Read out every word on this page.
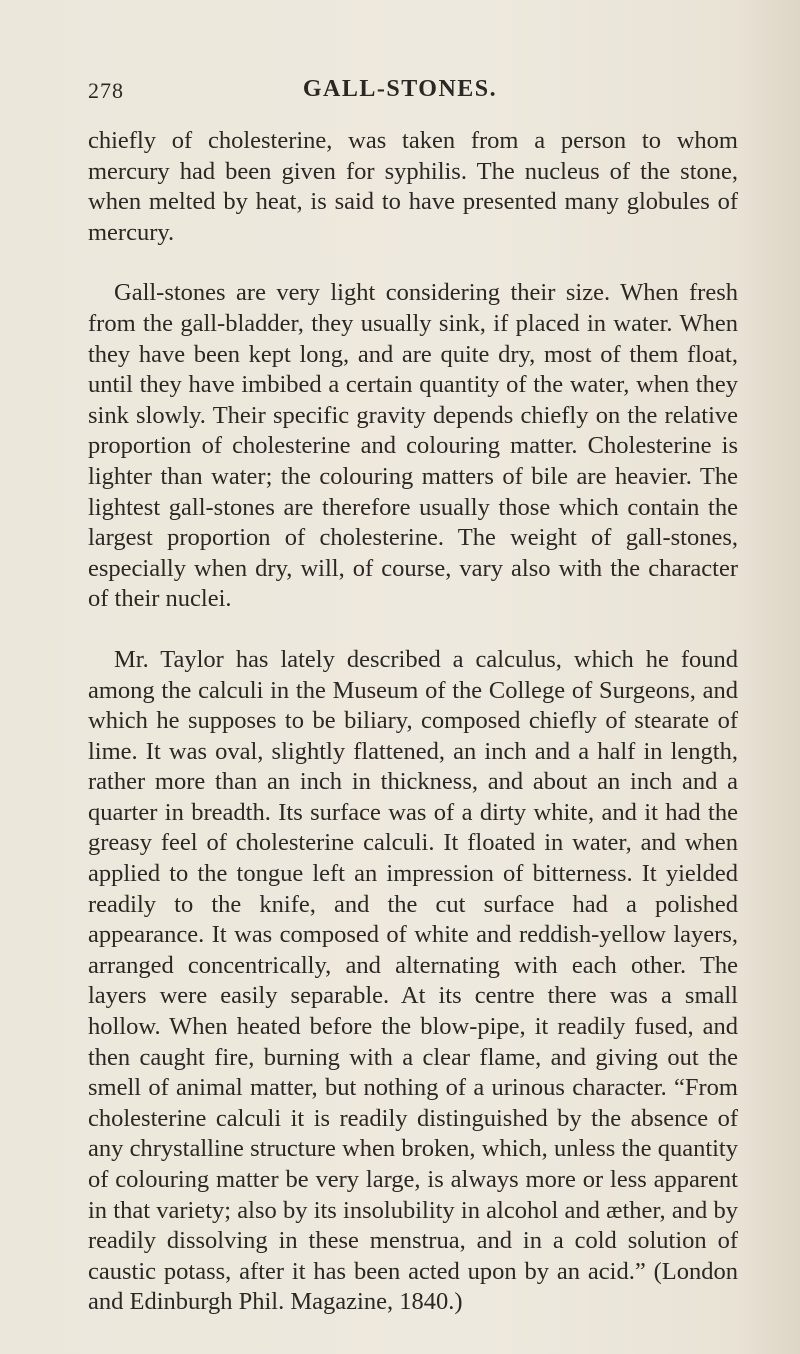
278	GALL-STONES.

chiefly of cholesterine, was taken from a person to whom mercury had been given for syphilis. The nucleus of the stone, when melted by heat, is said to have presented many globules of mercury.

Gall-stones are very light considering their size. When fresh from the gall-bladder, they usually sink, if placed in water. When they have been kept long, and are quite dry, most of them float, until they have imbibed a certain quantity of the water, when they sink slowly. Their specific gravity depends chiefly on the relative proportion of cholesterine and colouring matter. Cholesterine is lighter than water; the colouring matters of bile are heavier. The lightest gall-stones are therefore usually those which contain the largest proportion of cholesterine. The weight of gall-stones, especially when dry, will, of course, vary also with the character of their nuclei.

Mr. Taylor has lately described a calculus, which he found among the calculi in the Museum of the College of Surgeons, and which he supposes to be biliary, composed chiefly of stearate of lime. It was oval, slightly flattened, an inch and a half in length, rather more than an inch in thickness, and about an inch and a quarter in breadth. Its surface was of a dirty white, and it had the greasy feel of cholesterine calculi. It floated in water, and when applied to the tongue left an impression of bitterness. It yielded readily to the knife, and the cut surface had a polished appearance. It was composed of white and reddish-yellow layers, arranged concentrically, and alternating with each other. The layers were easily separable. At its centre there was a small hollow. When heated before the blow-pipe, it readily fused, and then caught fire, burning with a clear flame, and giving out the smell of animal matter, but nothing of a urinous character. “From cholesterine calculi it is readily distinguished by the absence of any chrystalline structure when broken, which, unless the quantity of colouring matter be very large, is always more or less apparent in that variety; also by its insolubility in alcohol and æther, and by readily dissolving in these menstrua, and in a cold solution of caustic potass, after it has been acted upon by an acid.” (London and Edinburgh Phil. Magazine, 1840.)
